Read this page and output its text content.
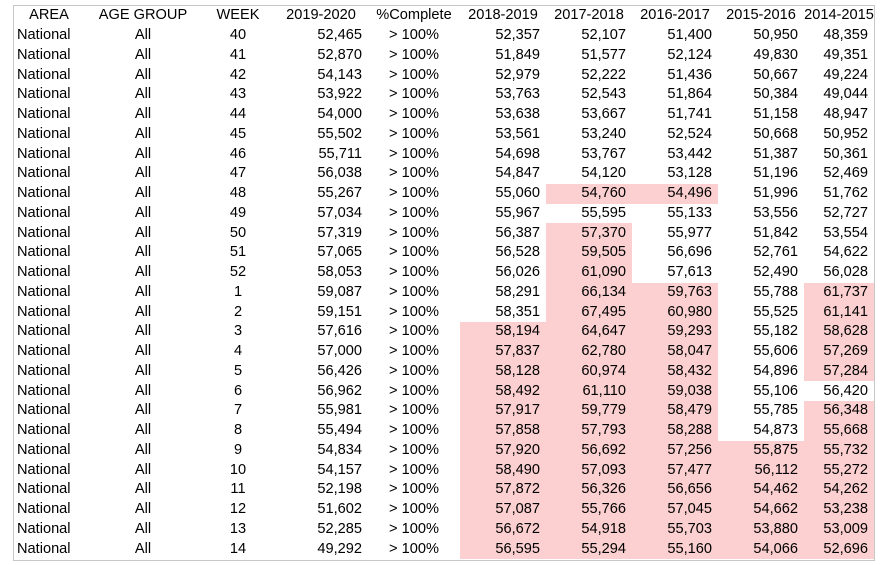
AREA	AGE GROUP	WEEK	2019-2020	%Complete	2018-2019	2017-2018	2016-2017	2015-2016	2014-2015
National	All	40	52,465	> 100%	52,357	52,107	51,400	50,950	48,359
National	All	41	52,870	> 100%	51,849	51,577	52,124	49,830	49,351
National	All	42	54,143	> 100%	52,979	52,222	51,436	50,667	49,224
National	All	43	53,922	> 100%	53,763	52,543	51,864	50,384	49,044
National	All	44	54,000	> 100%	53,638	53,667	51,741	51,158	48,947
National	All	45	55,502	> 100%	53,561	53,240	52,524	50,668	50,952
National	All	46	55,711	> 100%	54,698	53,767	53,442	51,387	50,361
National	All	47	56,038	> 100%	54,847	54,120	53,128	51,196	52,469
National	All	48	55,267	> 100%	55,060	54,760	54,496	51,996	51,762
National	All	49	57,034	> 100%	55,967	55,595	55,133	53,556	52,727
National	All	50	57,319	> 100%	56,387	57,370	55,977	51,842	53,554
National	All	51	57,065	> 100%	56,528	59,505	56,696	52,761	54,622
National	All	52	58,053	> 100%	56,026	61,090	57,613	52,490	56,028
National	All	1	59,087	> 100%	58,291	66,134	59,763	55,788	61,737
National	All	2	59,151	> 100%	58,351	67,495	60,980	55,525	61,141
National	All	3	57,616	> 100%	58,194	64,647	59,293	55,182	58,628
National	All	4	57,000	> 100%	57,837	62,780	58,047	55,606	57,269
National	All	5	56,426	> 100%	58,128	60,974	58,432	54,896	57,284
National	All	6	56,962	> 100%	58,492	61,110	59,038	55,106	56,420
National	All	7	55,981	> 100%	57,917	59,779	58,479	55,785	56,348
National	All	8	55,494	> 100%	57,858	57,793	58,288	54,873	55,668
National	All	9	54,834	> 100%	57,920	56,692	57,256	55,875	55,732
National	All	10	54,157	> 100%	58,490	57,093	57,477	56,112	55,272
National	All	11	52,198	> 100%	57,872	56,326	56,656	54,462	54,262
National	All	12	51,602	> 100%	57,087	55,766	57,045	54,662	53,238
National	All	13	52,285	> 100%	56,672	54,918	55,703	53,880	53,009
National	All	14	49,292	> 100%	56,595	55,294	55,160	54,066	52,696
